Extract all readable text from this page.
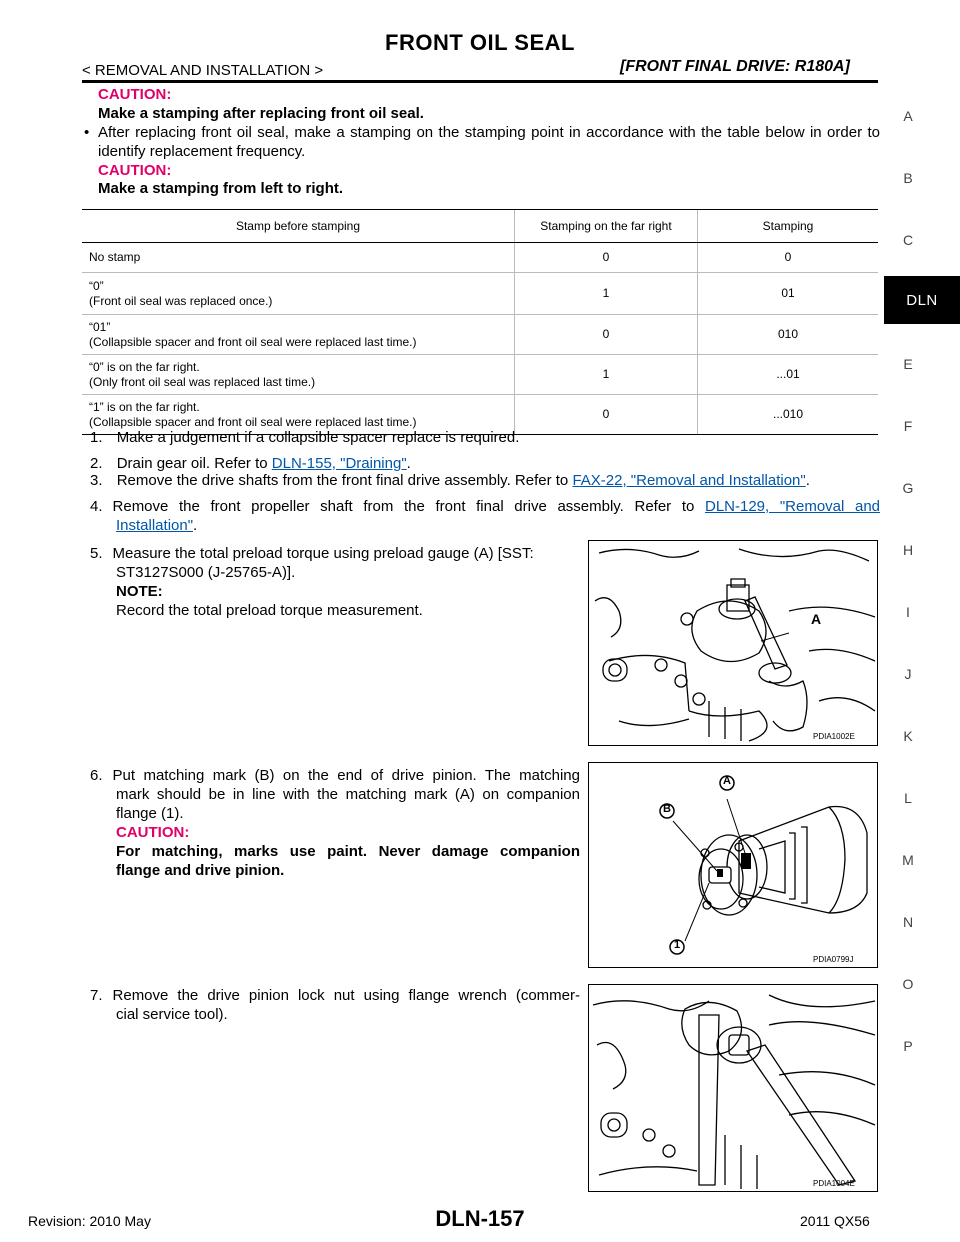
FRONT OIL SEAL
< REMOVAL AND INSTALLATION >	[FRONT FINAL DRIVE: R180A]
A
B
C
DLN
E
F
G
H
I
J
K
L
M
N
O
P
CAUTION:
Make a stamping after replacing front oil seal.
• After replacing front oil seal, make a stamping on the stamping point in accordance with the table below in order to identify replacement frequency.
CAUTION:
Make a stamping from left to right.
Stamp before stamping	Stamping on the far right	Stamping

No stamp	0	0

“0”
(Front oil seal was replaced once.)	1	01

“01”
(Collapsible spacer and front oil seal were replaced last time.)	0	010

“0” is on the far right.
(Only front oil seal was replaced last time.)	1	...01

“1” is on the far right.
(Collapsible spacer and front oil seal were replaced last time.)	0	...010
1. Make a judgement if a collapsible spacer replace is required.
2. Drain gear oil. Refer to DLN-155, "Draining".
3. Remove the drive shafts from the front final drive assembly. Refer to FAX-22, "Removal and Installation".
4. Remove the front propeller shaft from the front final drive assembly. Refer to DLN-129, "Removal and
Installation".
5. Measure the total preload torque using preload gauge (A) [SST:
ST3127S000 (J-25765-A)].
NOTE:
Record the total preload torque measurement.	A
PDIA1002E
6. Put matching mark (B) on the end of drive pinion. The matching
mark should be in line with the matching mark (A) on companion
flange (1).
CAUTION:
For matching, marks use paint. Never damage companion
flange and drive pinion.
A
B
1
PDIA0799J
7. Remove the drive pinion lock nut using flange wrench (commer-
cial service tool).
PDIA1004E
Revision: 2010 May	DLN-157	2011 QX56
